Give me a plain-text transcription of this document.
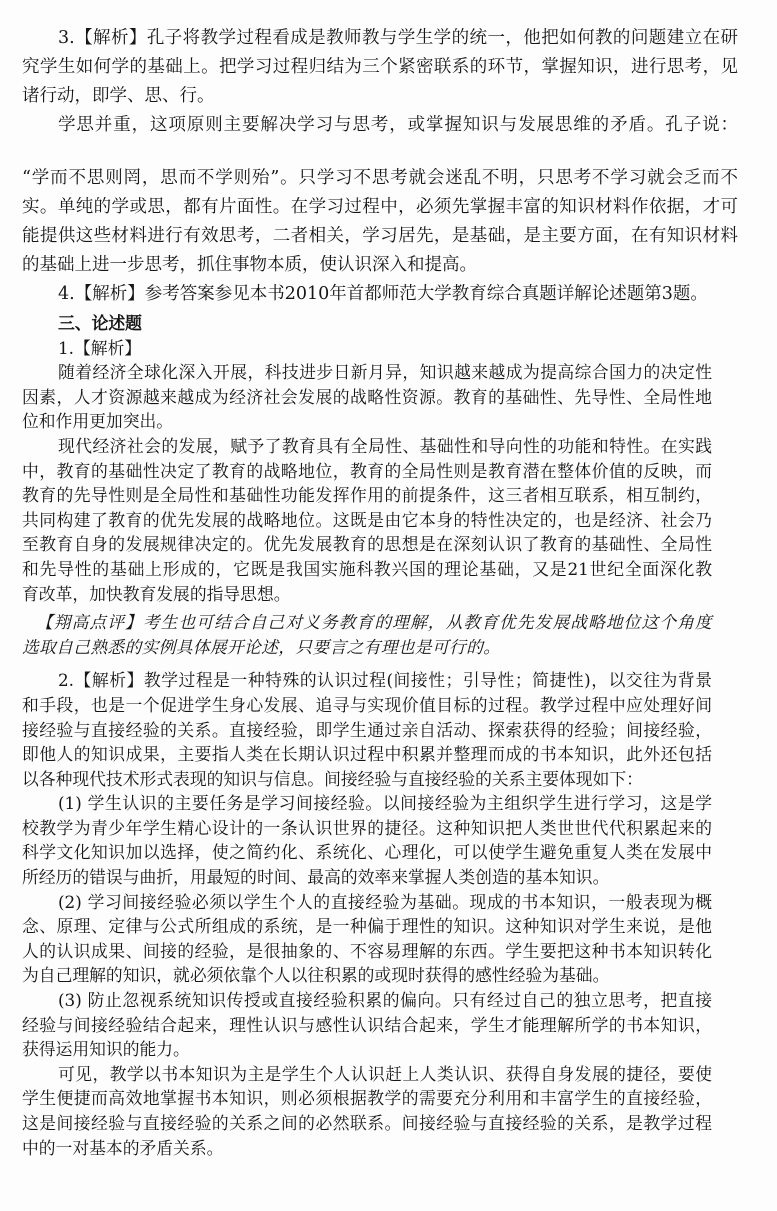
3.【解析】孔子将教学过程看成是教师教与学生学的统一，他把如何教的问题建立在研
究学生如何学的基础上。把学习过程归结为三个紧密联系的环节，掌握知识，进行思考，见
诸行动，即学、思、行。
学思并重，这项原则主要解决学习与思考，或掌握知识与发展思维的矛盾。孔子说：
“学而不思则罔，思而不学则殆”。只学习不思考就会迷乱不明，只思考不学习就会乏而不
实。单纯的学或思，都有片面性。在学习过程中，必须先掌握丰富的知识材料作依据，才可
能提供这些材料进行有效思考，二者相关，学习居先，是基础，是主要方面，在有知识材料
的基础上进一步思考，抓住事物本质，使认识深入和提高。
4.【解析】参考答案参见本书2010年首都师范大学教育综合真题详解论述题第3题。
三、论述题
1.【解析】
随着经济全球化深入开展，科技进步日新月异，知识越来越成为提高综合国力的决定性
因素，人才资源越来越成为经济社会发展的战略性资源。教育的基础性、先导性、全局性地
位和作用更加突出。
现代经济社会的发展，赋予了教育具有全局性、基础性和导向性的功能和特性。在实践
中，教育的基础性决定了教育的战略地位，教育的全局性则是教育潜在整体价值的反映，而
教育的先导性则是全局性和基础性功能发挥作用的前提条件，这三者相互联系，相互制约，
共同构建了教育的优先发展的战略地位。这既是由它本身的特性决定的，也是经济、社会乃
至教育自身的发展规律决定的。优先发展教育的思想是在深刻认识了教育的基础性、全局性
和先导性的基础上形成的，它既是我国实施科教兴国的理论基础，又是21世纪全面深化教
育改革，加快教育发展的指导思想。
【翔高点评】考生也可结合自己对义务教育的理解，从教育优先发展战略地位这个角度
选取自己熟悉的实例具体展开论述，只要言之有理也是可行的。
2.【解析】教学过程是一种特殊的认识过程(间接性；引导性；简捷性)，以交往为背景
和手段，也是一个促进学生身心发展、追寻与实现价值目标的过程。教学过程中应处理好间
接经验与直接经验的关系。直接经验，即学生通过亲自活动、探索获得的经验；间接经验，
即他人的知识成果，主要指人类在长期认识过程中积累并整理而成的书本知识，此外还包括
以各种现代技术形式表现的知识与信息。间接经验与直接经验的关系主要体现如下：
(1) 学生认识的主要任务是学习间接经验。以间接经验为主组织学生进行学习，这是学
校教学为青少年学生精心设计的一条认识世界的捷径。这种知识把人类世世代代积累起来的
科学文化知识加以选择，使之简约化、系统化、心理化，可以使学生避免重复人类在发展中
所经历的错误与曲折，用最短的时间、最高的效率来掌握人类创造的基本知识。
(2) 学习间接经验必须以学生个人的直接经验为基础。现成的书本知识，一般表现为概
念、原理、定律与公式所组成的系统，是一种偏于理性的知识。这种知识对学生来说，是他
人的认识成果、间接的经验，是很抽象的、不容易理解的东西。学生要把这种书本知识转化
为自己理解的知识，就必须依靠个人以往积累的或现时获得的感性经验为基础。
(3) 防止忽视系统知识传授或直接经验积累的偏向。只有经过自己的独立思考，把直接
经验与间接经验结合起来，理性认识与感性认识结合起来，学生才能理解所学的书本知识，
获得运用知识的能力。
可见，教学以书本知识为主是学生个人认识赶上人类认识、获得自身发展的捷径，要使
学生便捷而高效地掌握书本知识，则必须根据教学的需要充分利用和丰富学生的直接经验，
这是间接经验与直接经验的关系之间的必然联系。间接经验与直接经验的关系，是教学过程
中的一对基本的矛盾关系。
